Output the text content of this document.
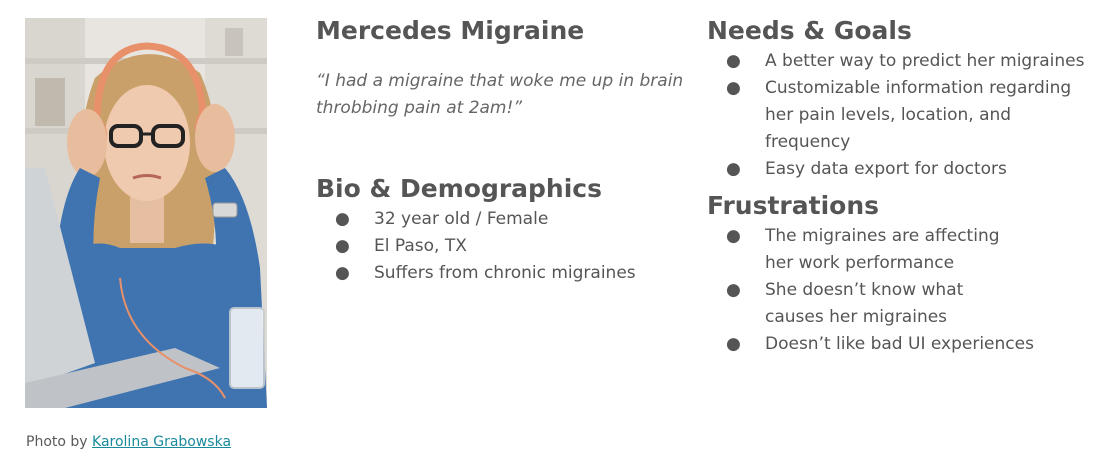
Photo by Karolina Grabowska
Mercedes Migraine

“I had a migraine that woke me up in brain
throbbing pain at 2am!”

Bio & Demographics
● 32 year old / Female
● El Paso, TX
● Suffers from chronic migraines
Needs & Goals
● A better way to predict her migraines
● Customizable information regarding
her pain levels, location, and
frequency
● Easy data export for doctors
Frustrations
● The migraines are affecting
her work performance
● She doesn’t know what
causes her migraines
● Doesn’t like bad UI experiences
